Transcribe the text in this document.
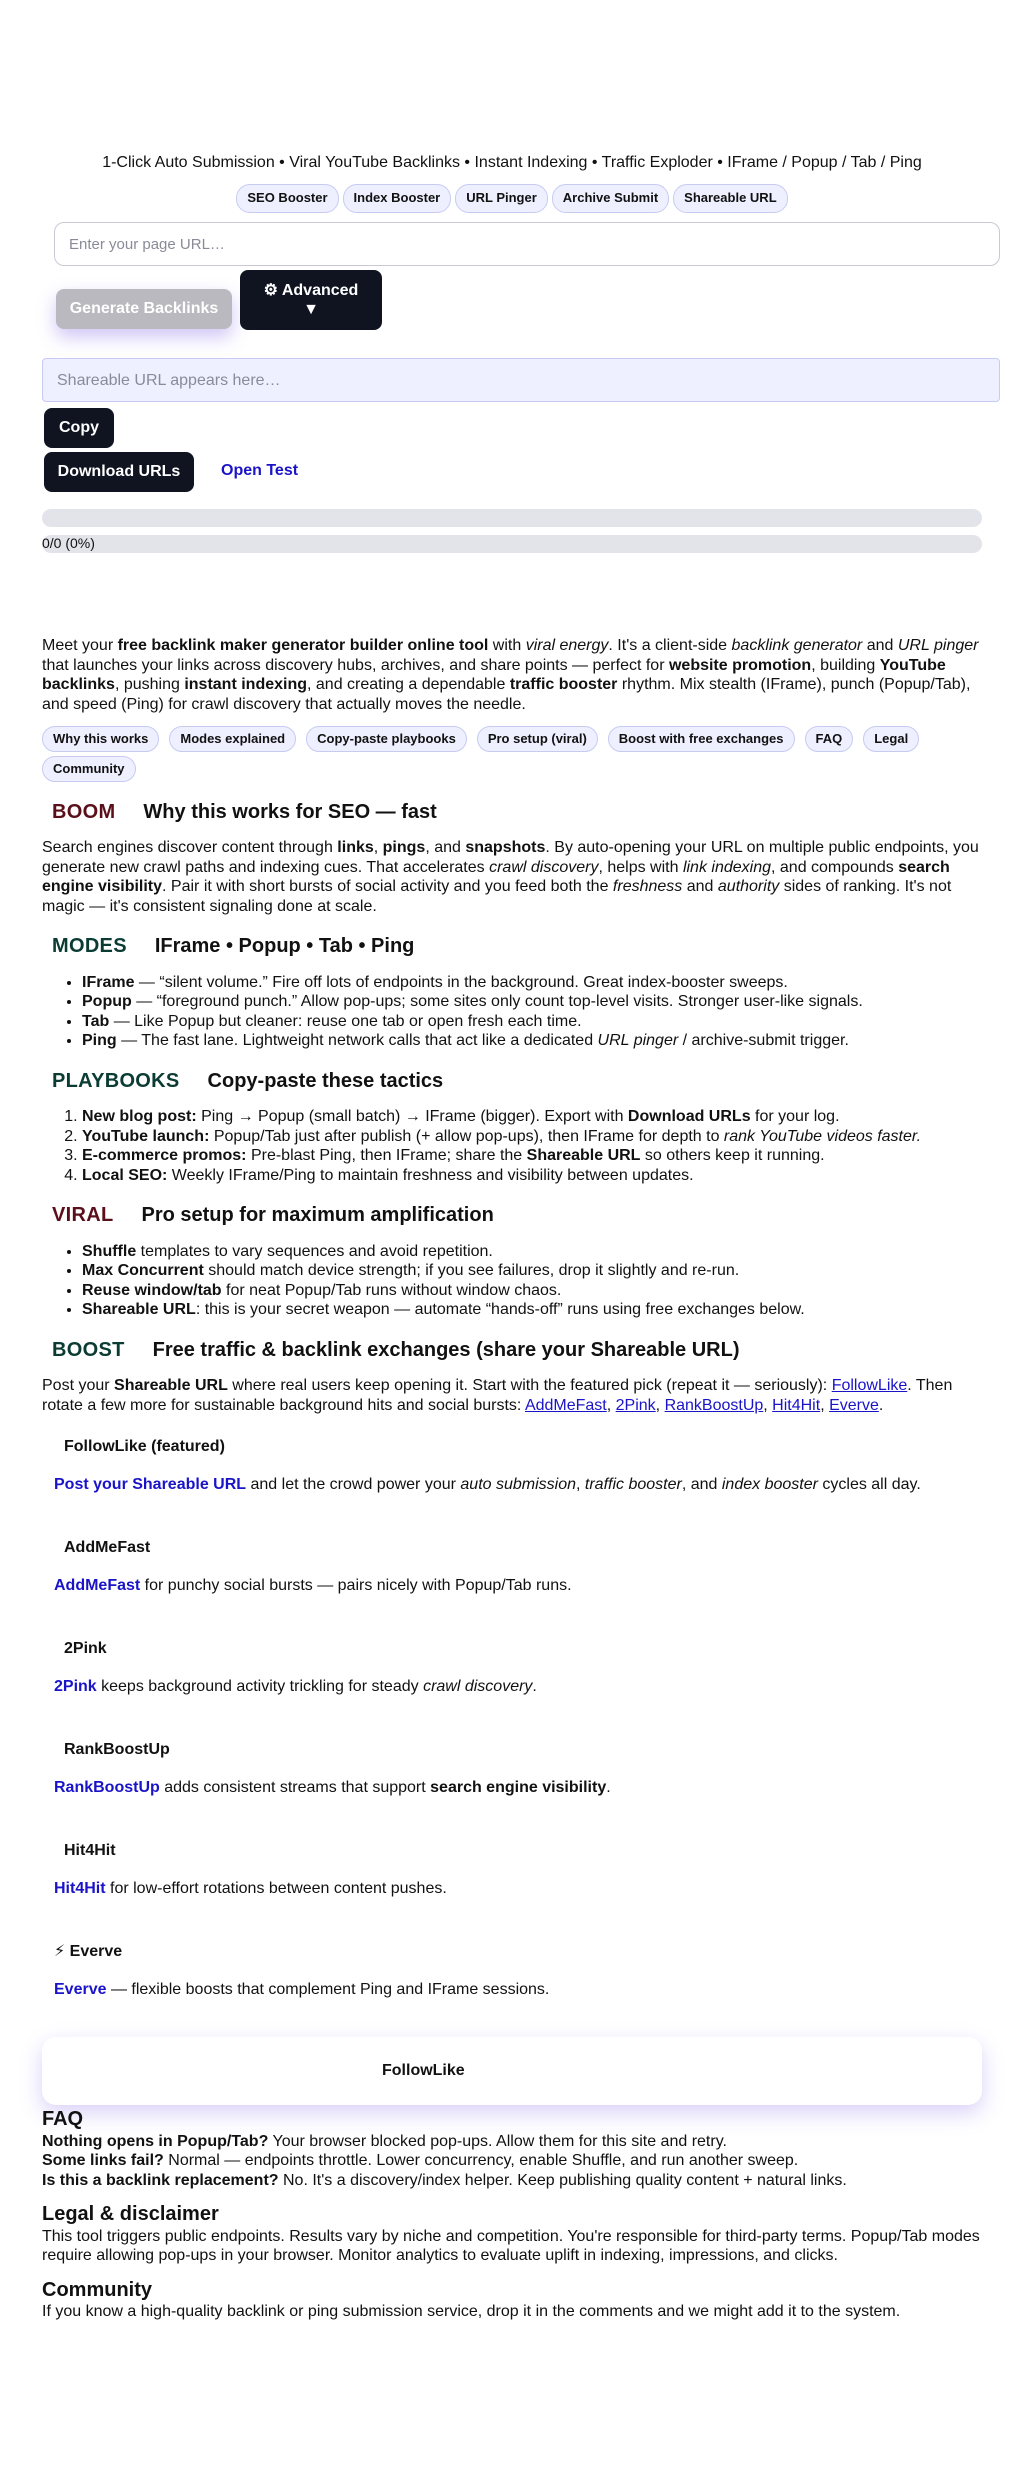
1-Click Auto Submission • Viral YouTube Backlinks • Instant Indexing • Traffic Exploder • IFrame / Popup / Tab / Ping
SEO Booster	Index Booster	URL Pinger	Archive Submit	Shareable URL
Enter your page URL…
Generate Backlinks
⚙ Advanced
▼
Shareable URL appears here…
Copy
Download URLs	Open Test
0/0 (0%)

Meet your free backlink maker generator builder online tool with viral energy. It's a client-side backlink generator and URL pinger that launches your links across discovery hubs, archives, and share points — perfect for website promotion, building YouTube backlinks, pushing instant indexing, and creating a dependable traffic booster rhythm. Mix stealth (IFrame), punch (Popup/Tab), and speed (Ping) for crawl discovery that actually moves the needle.

Why this works	Modes explained	Copy-paste playbooks	Pro setup (viral)	Boost with free exchanges	FAQ	Legal
Community
BOOM Why this works for SEO — fast

Search engines discover content through links, pings, and snapshots. By auto-opening your URL on multiple public endpoints, you generate new crawl paths and indexing cues. That accelerates crawl discovery, helps with link indexing, and compounds search engine visibility. Pair it with short bursts of social activity and you feed both the freshness and authority sides of ranking. It's not magic — it's consistent signaling done at scale.

MODES IFrame • Popup • Tab • Ping
• IFrame — “silent volume.” Fire off lots of endpoints in the background. Great index-booster sweeps.
• Popup — “foreground punch.” Allow pop-ups; some sites only count top-level visits. Stronger user-like signals.
• Tab — Like Popup but cleaner: reuse one tab or open fresh each time.
• Ping — The fast lane. Lightweight network calls that act like a dedicated URL pinger / archive-submit trigger.
PLAYBOOKS Copy-paste these tactics
1. New blog post: Ping → Popup (small batch) → IFrame (bigger). Export with Download URLs for your log.
2. YouTube launch: Popup/Tab just after publish (+ allow pop-ups), then IFrame for depth to rank YouTube videos faster.
3. E-commerce promos: Pre-blast Ping, then IFrame; share the Shareable URL so others keep it running.
4. Local SEO: Weekly IFrame/Ping to maintain freshness and visibility between updates.
VIRAL Pro setup for maximum amplification
• Shuffle templates to vary sequences and avoid repetition.
• Max Concurrent should match device strength; if you see failures, drop it slightly and re-run.
• Reuse window/tab for neat Popup/Tab runs without window chaos.
• Shareable URL: this is your secret weapon — automate “hands-off” runs using free exchanges below.
BOOST Free traffic & backlink exchanges (share your Shareable URL)

Post your Shareable URL where real users keep opening it. Start with the featured pick (repeat it — seriously): FollowLike. Then rotate a few more for sustainable background hits and social bursts: AddMeFast, 2Pink, RankBoostUp, Hit4Hit, Everve.

FollowLike (featured)
Post your Shareable URL and let the crowd power your auto submission, traffic booster, and index booster cycles all day.
AddMeFast
AddMeFast for punchy social bursts — pairs nicely with Popup/Tab runs.
2Pink
2Pink keeps background activity trickling for steady crawl discovery.
RankBoostUp
RankBoostUp adds consistent streams that support search engine visibility.
Hit4Hit
Hit4Hit for low-effort rotations between content pushes.
⚡ Everve
Everve — flexible boosts that complement Ping and IFrame sessions.
FollowLike
FAQ

Nothing opens in Popup/Tab? Your browser blocked pop-ups. Allow them for this site and retry.

Some links fail? Normal — endpoints throttle. Lower concurrency, enable Shuffle, and run another sweep.

Is this a backlink replacement? No. It's a discovery/index helper. Keep publishing quality content + natural links.

Legal & disclaimer

This tool triggers public endpoints. Results vary by niche and competition. You're responsible for third-party terms. Popup/Tab modes require allowing pop-ups in your browser. Monitor analytics to evaluate uplift in indexing, impressions, and clicks.

Community

If you know a high-quality backlink or ping submission service, drop it in the comments and we might add it to the system.
